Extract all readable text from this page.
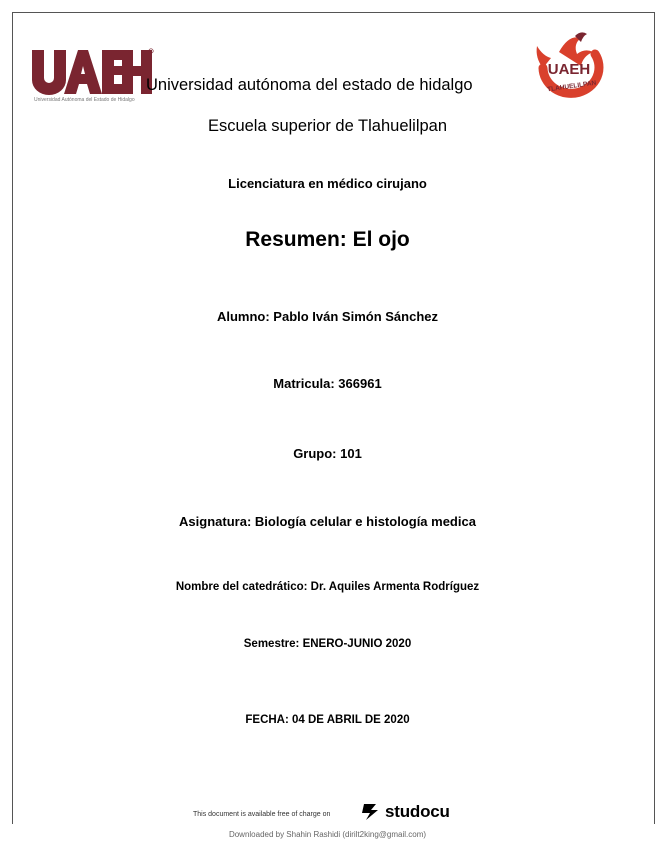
Universidad Autónoma del Estado de Hidalgo
Universidad autónoma del estado de hidalgo
UAEH
TLAHUELILPAN
Escuela superior de Tlahuelilpan
Licenciatura en médico cirujano
Resumen: El ojo
Alumno: Pablo Iván Simón Sánchez
Matricula: 366961
Grupo: 101
Asignatura: Biología celular e histología medica
Nombre del catedrático: Dr. Aquiles Armenta Rodríguez
Semestre: ENERO-JUNIO 2020
FECHA: 04 DE ABRIL DE 2020
This document is available free of charge on	studocu
Downloaded by Shahin Rashidi (dirilt2king@gmail.com)
